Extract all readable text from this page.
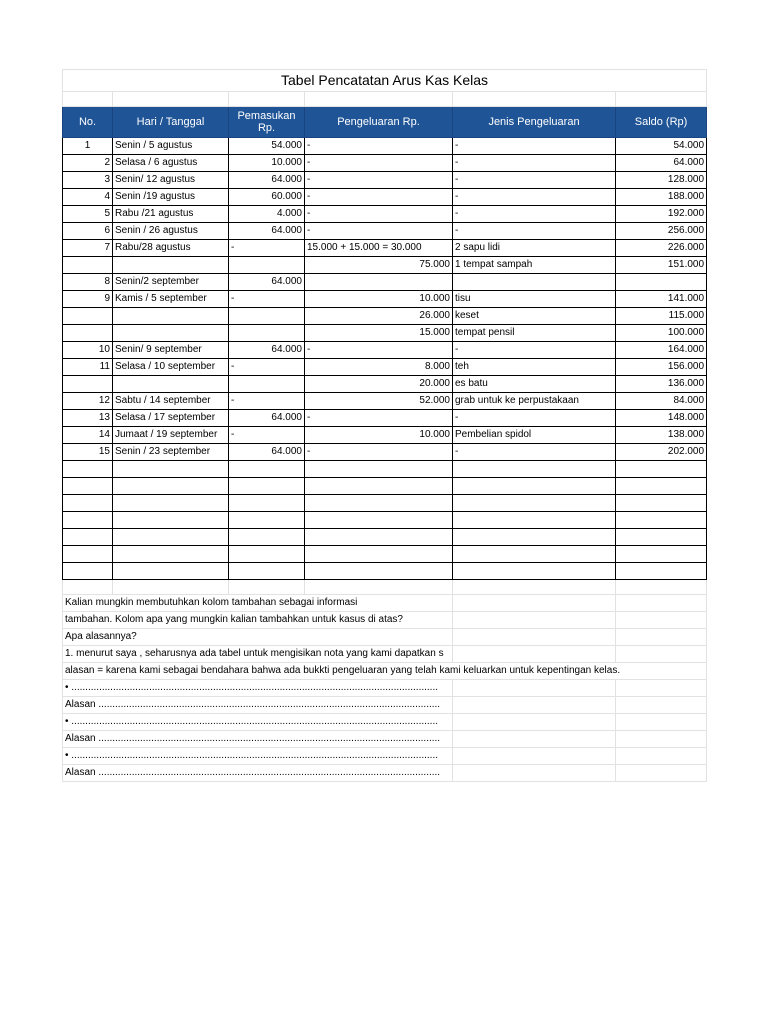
Tabel Pencatatan Arus Kas Kelas					

No.	Hari / Tanggal	Pemasukan Rp.	Pengeluaran Rp.	Jenis Pengeluaran	Saldo (Rp)
1	Senin / 5 agustus	54.000	-	-	54.000
2	Selasa / 6 agustus	10.000	-	-	64.000
3	Senin/ 12 agustus	64.000	-	-	128.000
4	Senin /19 agustus	60.000	-	-	188.000
5	Rabu /21 agustus	4.000	-	-	192.000
6	Senin / 26 agustus	64.000	-	-	256.000
7	Rabu/28 agustus	-	15.000 + 15.000 = 30.000	2 sapu lidi	226.000
			75.000	1 tempat sampah	151.000
8	Senin/2 september	64.000			
9	Kamis / 5 september	-	10.000	tisu	141.000
			26.000	keset	115.000
			15.000	tempat pensil	100.000
10	Senin/ 9 september	64.000	-	-	164.000
11	Selasa / 10 september	-	8.000	teh	156.000
			20.000	es batu	136.000
12	Sabtu / 14 september	-	52.000	grab untuk ke perpustakaan	84.000
13	Selasa / 17 september	64.000	-	-	148.000
14	Jumaat / 19 september	-	10.000	Pembelian spidol	138.000
15	Senin / 23 september	64.000	-	-	202.000

Kalian mungkin membutuhkan kolom tambahan sebagai informasi					
tambahan. Kolom apa yang mungkin kalian tambahkan untuk kasus di atas?					
Apa alasannya?					
1. menurut saya , seharusnya ada tabel untuk mengisikan nota yang kami dapatkan s					
alasan = karena kami sebagai bendahara bahwa ada bukkti pengeluaran yang telah kami keluarkan untuk kepentingan kelas.					
• ....................................................................................................................................					
Alasan ...........................................................................................................................					
• ....................................................................................................................................					
Alasan ...........................................................................................................................					
• ....................................................................................................................................					
Alasan ...........................................................................................................................					
